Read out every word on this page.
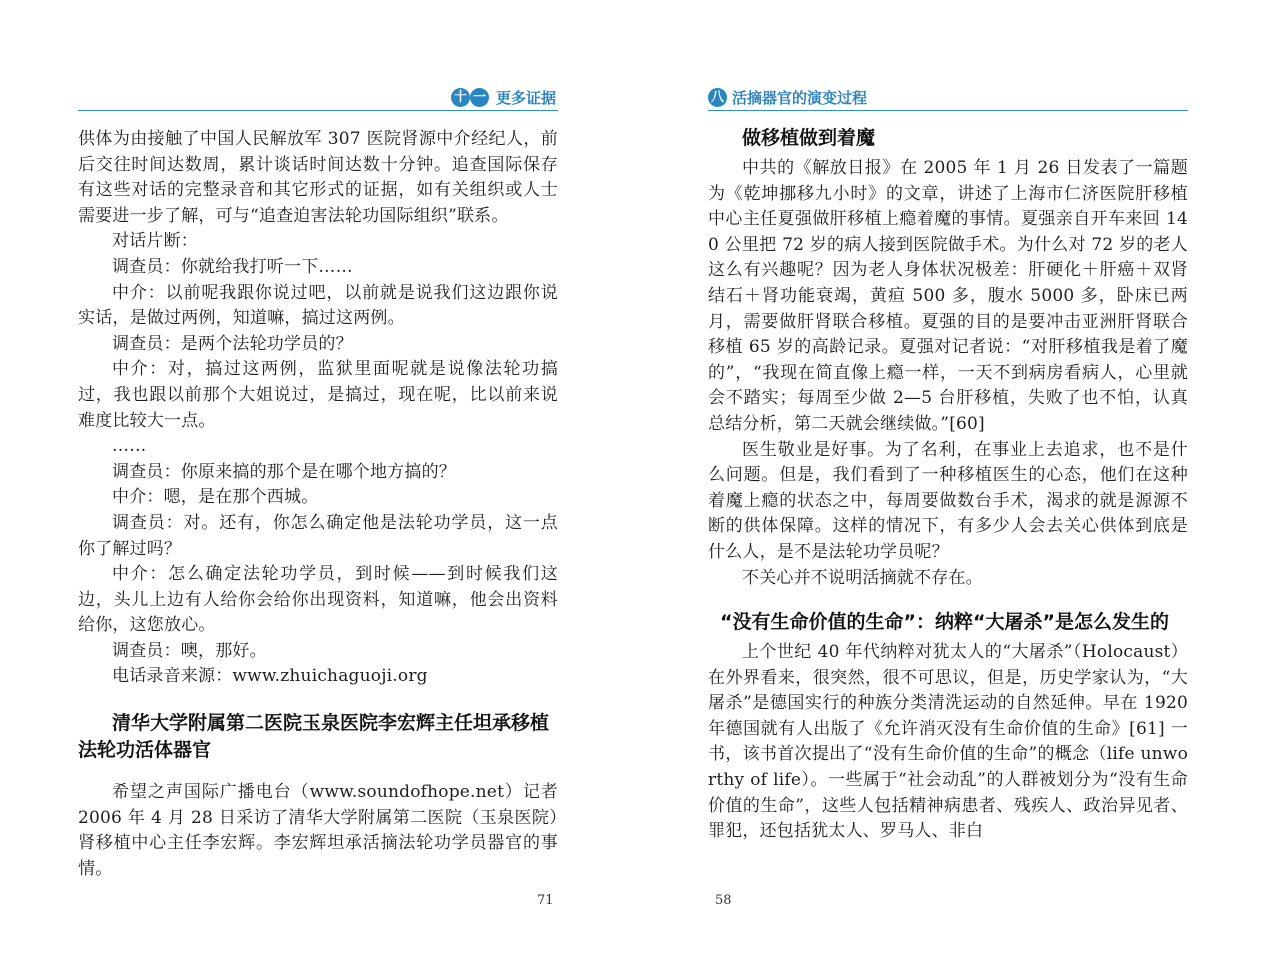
十 一 更多证据

供体为由接触了中国人民解放军 307 医院肾源中介经纪人，前后交往时间达数周，累计谈话时间达数十分钟。追查国际保存有这些对话的完整录音和其它形式的证据，如有关组织或人士需要进一步了解，可与“追查迫害法轮功国际组织”联系。

对话片断：

调查员：你就给我打听一下……

中介：以前呢我跟你说过吧，以前就是说我们这边跟你说实话，是做过两例，知道嘛，搞过这两例。

调查员：是两个法轮功学员的？

中介：对，搞过这两例，监狱里面呢就是说像法轮功搞过，我也跟以前那个大姐说过，是搞过，现在呢，比以前来说难度比较大一点。

……

调查员：你原来搞的那个是在哪个地方搞的？

中介：嗯，是在那个西城。

调查员：对。还有，你怎么确定他是法轮功学员，这一点你了解过吗？

中介：怎么确定法轮功学员，到时候——到时候我们这边，头儿上边有人给你会给你出现资料，知道嘛，他会出资料给你，这您放心。

调查员：噢，那好。

电话录音来源：www.zhuichaguoji.org

清华大学附属第二医院玉泉医院李宏辉主任坦承移植法轮功活体器官

希望之声国际广播电台（www.soundofhope.net）记者 2006 年 4 月 28 日采访了清华大学附属第二医院（玉泉医院）肾移植中心主任李宏辉。李宏辉坦承活摘法轮功学员器官的事情。

71
八 活摘器官的演变过程
做移植做到着魔

中共的《解放日报》在 2005 年 1 月 26 日发表了一篇题为《乾坤挪移九小时》的文章，讲述了上海市仁济医院肝移植中心主任夏强做肝移植上瘾着魔的事情。夏强亲自开车来回 140 公里把 72 岁的病人接到医院做手术。为什么对 72 岁的老人这么有兴趣呢？因为老人身体状况极差：肝硬化＋肝癌＋双肾结石＋肾功能衰竭，黄疸 500 多，腹水 5000 多，卧床已两月，需要做肝肾联合移植。夏强的目的是要冲击亚洲肝肾联合移植 65 岁的高龄记录。夏强对记者说：“对肝移植我是着了魔的”，“我现在简直像上瘾一样，一天不到病房看病人，心里就会不踏实；每周至少做 2—5 台肝移植，失败了也不怕，认真总结分析，第二天就会继续做。”[60]

医生敬业是好事。为了名利，在事业上去追求，也不是什么问题。但是，我们看到了一种移植医生的心态，他们在这种着魔上瘾的状态之中，每周要做数台手术，渴求的就是源源不断的供体保障。这样的情况下，有多少人会去关心供体到底是什么人，是不是法轮功学员呢？

不关心并不说明活摘就不存在。

“没有生命价值的生命”：纳粹“大屠杀”是怎么发生的

上个世纪 40 年代纳粹对犹太人的“大屠杀”（Holocaust）在外界看来，很突然，很不可思议，但是，历史学家认为，“大屠杀”是德国实行的种族分类清洗运动的自然延伸。早在 1920 年德国就有人出版了《允许消灭没有生命价值的生命》[61] 一书，该书首次提出了“没有生命价值的生命”的概念（life unworthy of life）。一些属于“社会动乱”的人群被划分为“没有生命价值的生命”，这些人包括精神病患者、残疾人、政治异见者、罪犯，还包括犹太人、罗马人、非白

58
